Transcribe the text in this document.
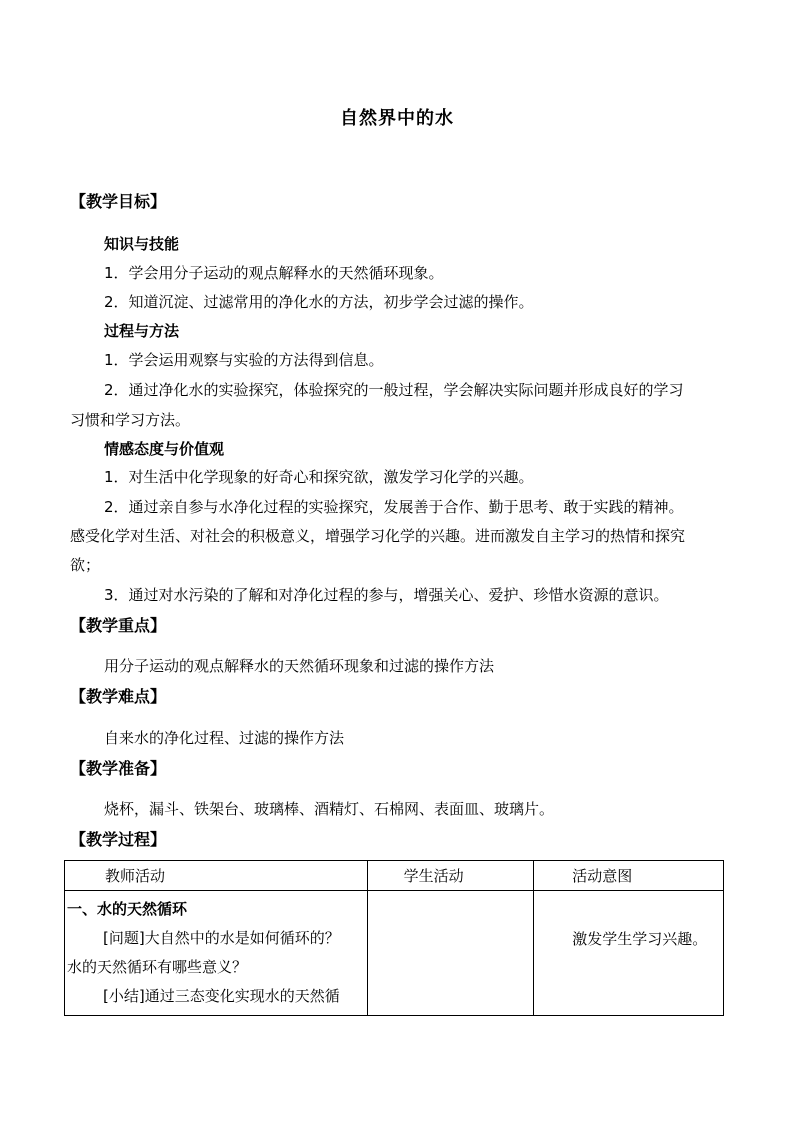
自然界中的水
【教学目标】
知识与技能
1．学会用分子运动的观点解释水的天然循环现象。
2．知道沉淀、过滤常用的净化水的方法，初步学会过滤的操作。
过程与方法
1．学会运用观察与实验的方法得到信息。
2．通过净化水的实验探究，体验探究的一般过程，学会解决实际问题并形成良好的学习
习惯和学习方法。
情感态度与价值观
1．对生活中化学现象的好奇心和探究欲，激发学习化学的兴趣。
2．通过亲自参与水净化过程的实验探究，发展善于合作、勤于思考、敢于实践的精神。
感受化学对生活、对社会的积极意义，增强学习化学的兴趣。进而激发自主学习的热情和探究
欲；
3．通过对水污染的了解和对净化过程的参与，增强关心、爱护、珍惜水资源的意识。
【教学重点】
用分子运动的观点解释水的天然循环现象和过滤的操作方法
【教学难点】
自来水的净化过程、过滤的操作方法
【教学准备】
烧杯，漏斗、铁架台、玻璃棒、酒精灯、石棉网、表面皿、玻璃片。
【教学过程】
教师活动	学生活动	活动意图

一、水的天然循环
[问题]大自然中的水是如何循环的？
水的天然循环有哪些意义？
[小结]通过三态变化实现水的天然循		激发学生学习兴趣。
